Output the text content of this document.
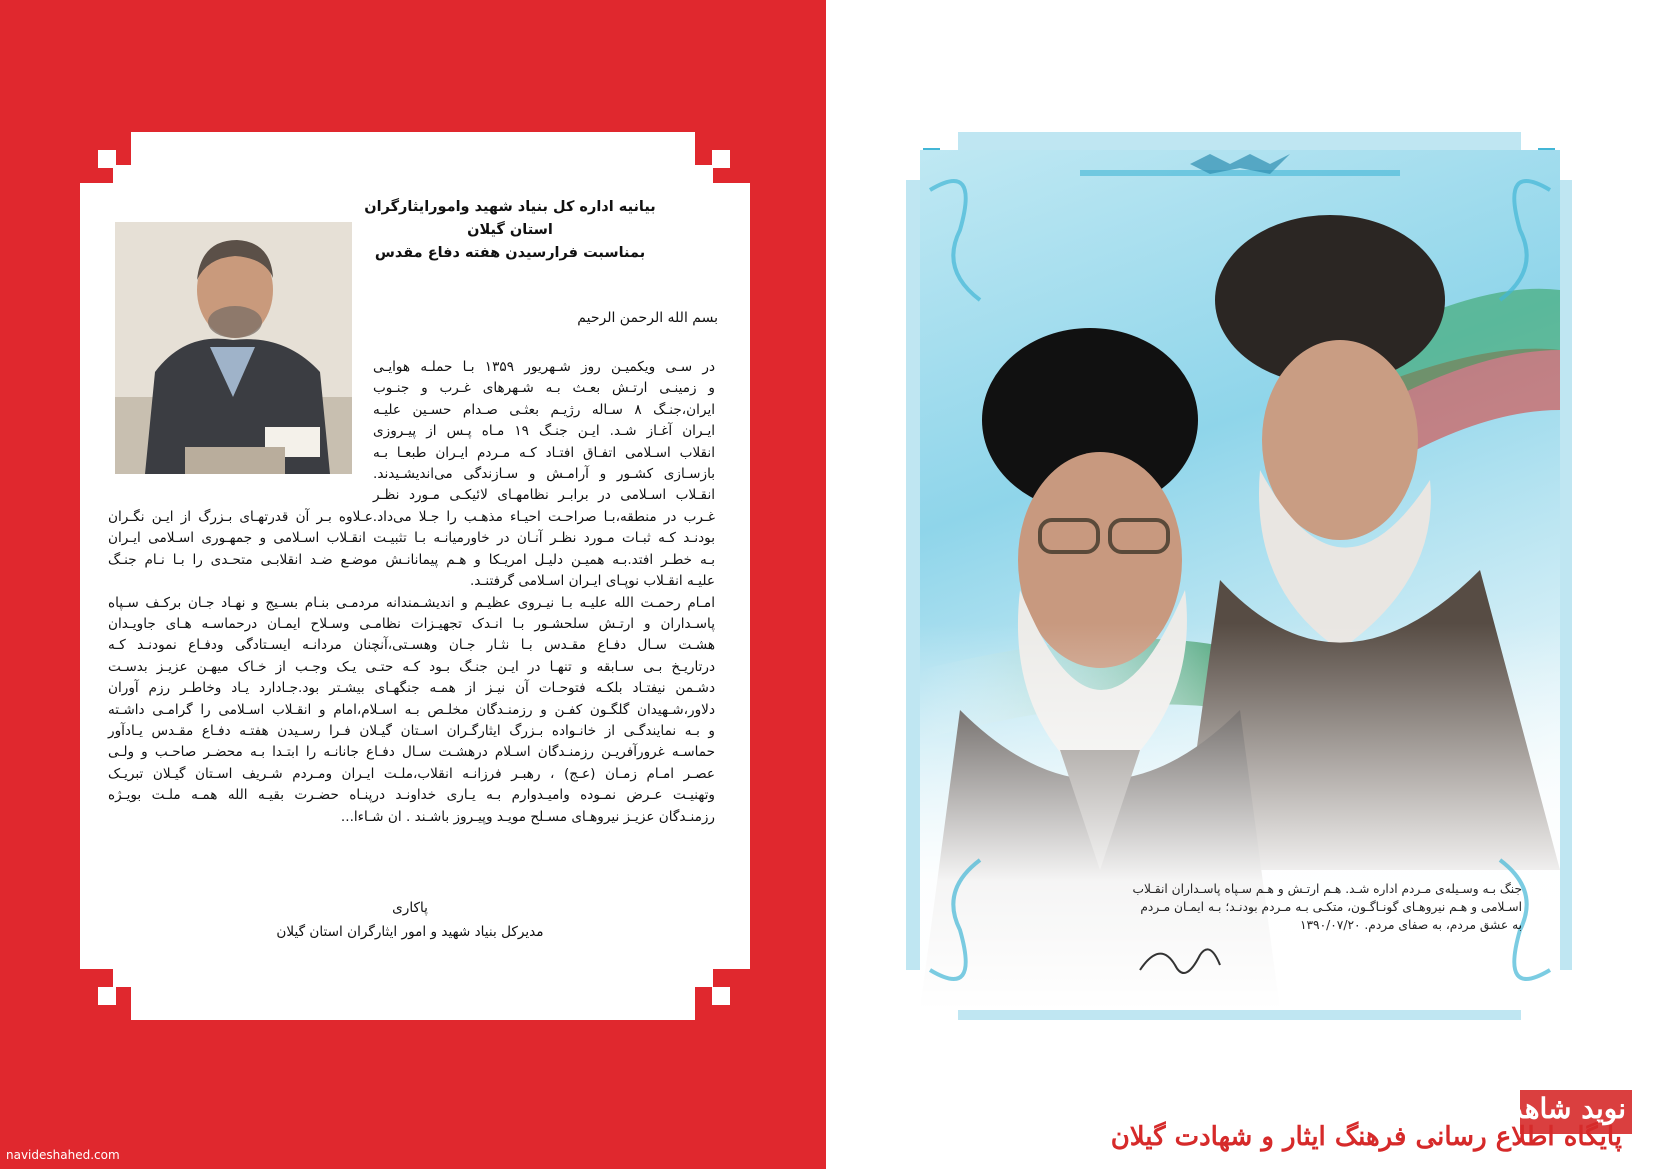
بیانیه اداره کل بنیاد شهید وامورایثارگران
استان گیلان
بمناسبت فرارسیدن هفته دفاع مقدس
بسم الله الرحمن الرحیم
در سـی ویکمیـن روز شـهریور ۱۳۵۹ بـا حملـه هوایـی
و زمینـی ارتـش بعـث بـه شـهرهای غـرب و جنـوب
ایران،جنـگ ۸ سـاله رژیـم بعثـی صـدام حسـین علیـه
ایـران آغـاز شـد. ایـن جنـگ ۱۹ مـاه پـس از پیـروزی
انقلاب اسـلامی اتفـاق افتـاد کـه مـردم ایـران طبعـا بـه
بازسـازی کشـور و آرامـش و سـازندگی می‌اندیشـیدند.
انقـلاب اسـلامی در برابـر نظامهـای لائیکـی مـورد نظـر
غـرب در منطقه،بـا صراحـت احیـاء مذهـب را جـلا می‌داد.عـلاوه بـر آن قدرتهـای بـزرگ از ایـن نگـران
بودنـد کـه ثبـات مـورد نظـر آنـان در خاورمیانـه بـا تثبیـت انقـلاب اسـلامی و جمهـوری اسـلامی ایـران
بـه خطـر افتد.بـه همیـن دلیـل امریـکا و هـم پیمانانـش موضـع ضـد انقلابـی متحـدی را بـا نـام جنـگ
علیـه انقـلاب نوپـای ایـران اسـلامی گرفتنـد.
امـام رحمـت الله علیـه بـا نیـروی عظیـم و اندیشـمندانه مردمـی بنـام بسـیج و نهـاد جـان برکـف سـپاه
پاسـداران و ارتـش سلحشـور بـا انـدک تجهیـزات نظامـی وسـلاح ایمـان درحماسـه هـای جاویـدان
هشـت سـال دفـاع مقـدس بـا نثـار جـان وهسـتی،آنچنان مردانـه ایسـتادگی ودفـاع نمودنـد کـه
درتاریـخ بـی سـابقه و تنهـا در ایـن جنـگ بـود کـه حتـی یـک وجـب از خـاک میهـن عزیـز بدسـت
دشـمن نیفتـاد بلکـه فتوحـات آن نیـز از همـه جنگهـای بیشـتر بود.جـادارد یـاد وخاطـر رزم آوران
دلاور،شـهیدان گلگـون کفـن و رزمنـدگان مخلـص بـه اسـلام،امام و انقـلاب اسـلامی را گرامـی داشـته
و بـه نمایندگـی از خانـواده بـزرگ ایثارگـران اسـتان گیـلان فـرا رسـیدن هفتـه دفـاع مقـدس یـادآور
حماسـه غرورآفریـن رزمنـدگان اسـلام درهشـت سـال دفـاع جانانـه را ابتـدا بـه محضـر صاحـب و ولـی
عصـر امـام زمـان (عـج) ، رهبـر فرزانـه انقلاب،ملـت ایـران ومـردم شـریف اسـتان گیـلان تبریـک
وتهنیـت عـرض نمـوده وامیـدوارم بـه یـاری خداونـد درپنـاه حضـرت بقیـه الله همـه ملـت بویـژه
رزمنـدگان عزیـز نیروهـای مسـلح مویـد وپیـروز باشـند . ان شـاءا...
پاکاری
مدیرکل بنیاد شهید و امور ایثارگران استان گیلان
navideshahed.com
جنگ بـه وسـیله‌ی مـردم اداره شـد. هـم ارتـش و هـم سـپاه پاسـداران انقـلاب
اسـلامی و هـم نیروهـای گونـاگـون، متکـی بـه مـردم بودنـد؛ بـه ایمـان مـردم
به عشق مردم، به صفای مردم. ۱۳۹۰/۰۷/۲۰
نوید شاهد
پایگاه اطلاع رسانی فرهنگ ایثار و شهادت گیلان
